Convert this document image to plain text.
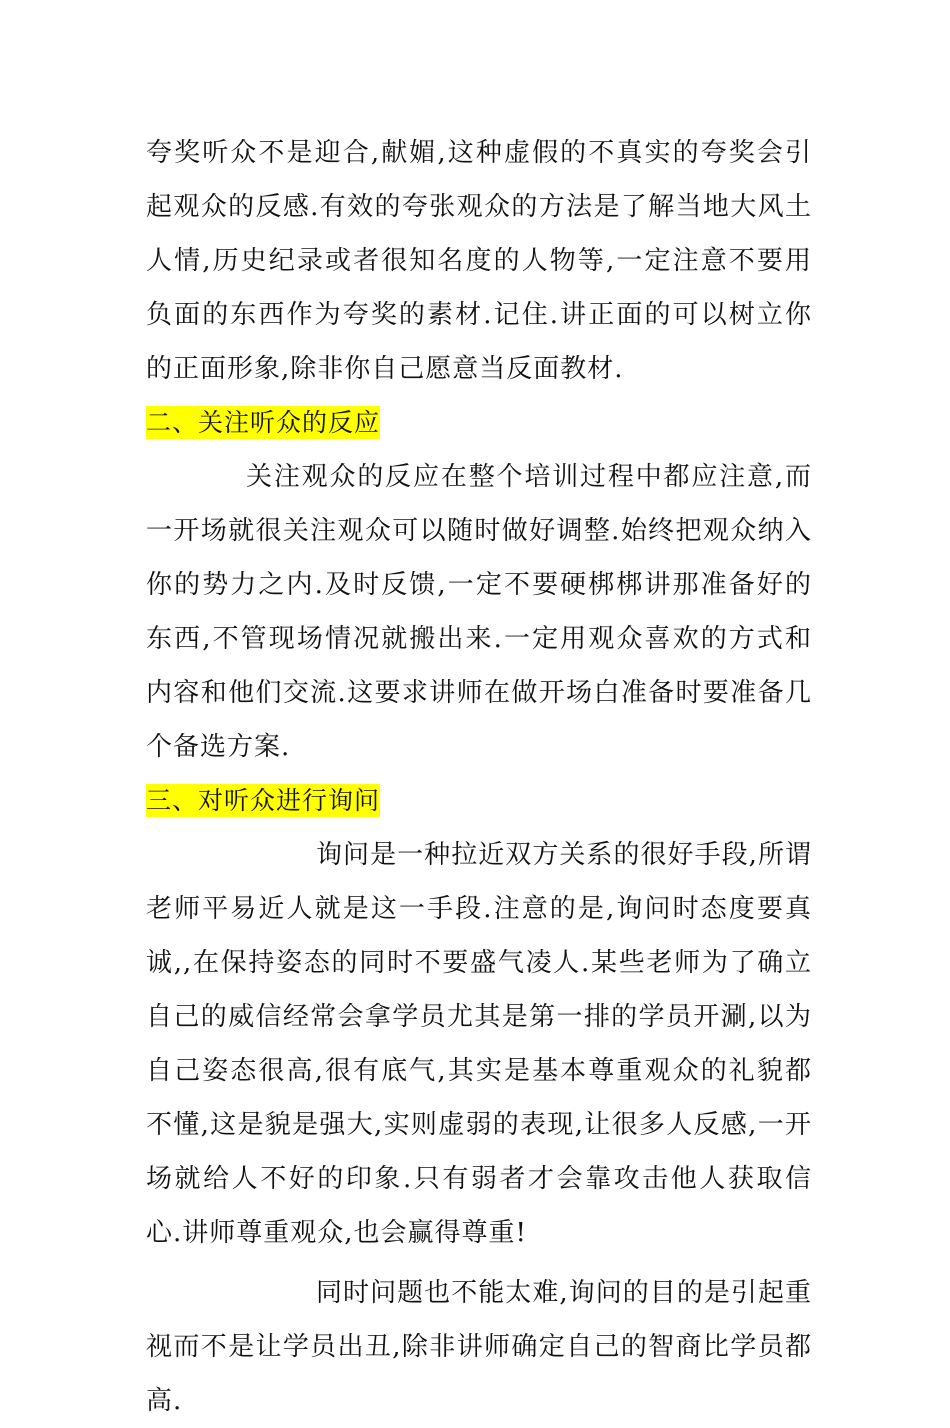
夸奖听众不是迎合,献媚,这种虚假的不真实的夸奖会引起观众的反感.有效的夸张观众的方法是了解当地大风土人情,历史纪录或者很知名度的人物等,一定注意不要用负面的东西作为夸奖的素材.记住.讲正面的可以树立你的正面形象,除非你自己愿意当反面教材.

二、关注听众的反应

关注观众的反应在整个培训过程中都应注意,而一开场就很关注观众可以随时做好调整.始终把观众纳入你的势力之内.及时反馈,一定不要硬梆梆讲那准备好的东西,不管现场情况就搬出来.一定用观众喜欢的方式和内容和他们交流.这要求讲师在做开场白准备时要准备几个备选方案.

三、对听众进行询问

询问是一种拉近双方关系的很好手段,所谓老师平易近人就是这一手段.注意的是,询问时态度要真诚,,在保持姿态的同时不要盛气凌人.某些老师为了确立自己的威信经常会拿学员尤其是第一排的学员开涮,以为自己姿态很高,很有底气,其实是基本尊重观众的礼貌都不懂,这是貌是强大,实则虚弱的表现,让很多人反感,一开场就给人不好的印象.只有弱者才会靠攻击他人获取信心.讲师尊重观众,也会赢得尊重!

同时问题也不能太难,询问的目的是引起重视而不是让学员出丑,除非讲师确定自己的智商比学员都高.
